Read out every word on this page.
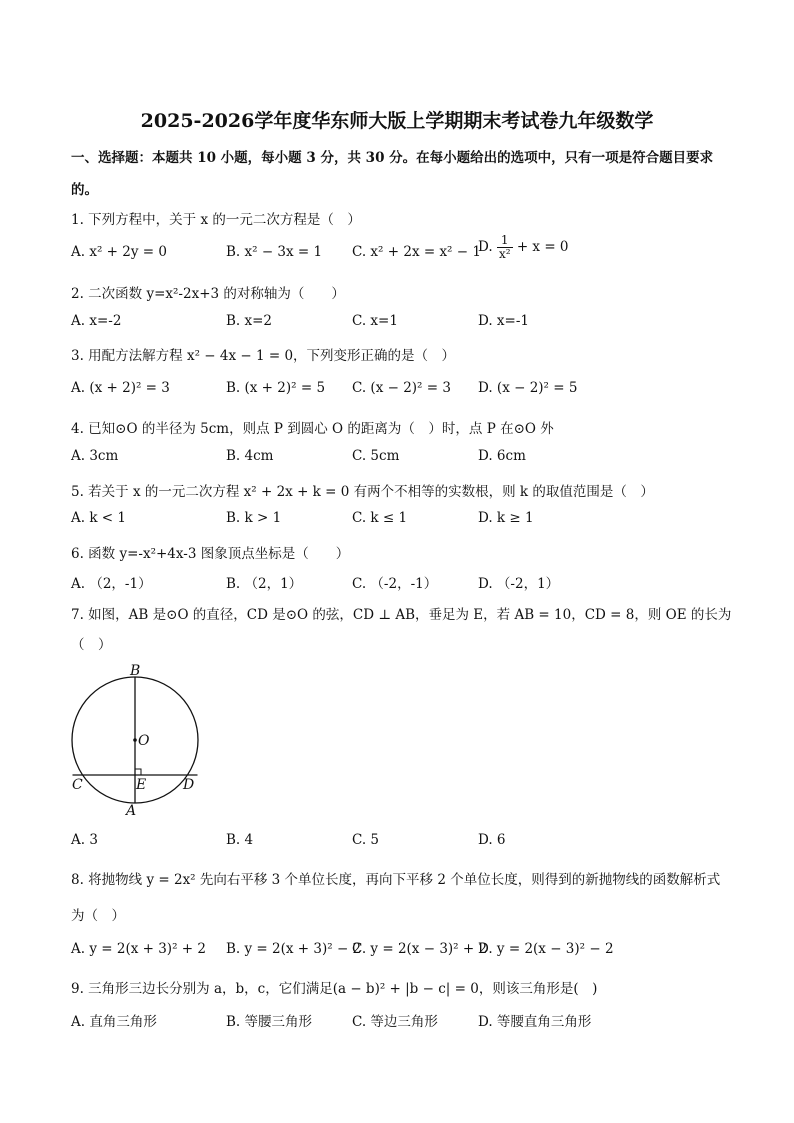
2025-2026学年度华东师大版上学期期末考试卷九年级数学
一、选择题：本题共 10 小题，每小题 3 分，共 30 分。在每小题给出的选项中，只有一项是符合题目要求
的。
1. 下列方程中，关于 x 的一元二次方程是（　）
A. x² + 2y = 0	B. x² − 3x = 1 C. x² + 2x = x² − 1
D. $\frac{1}{\text{x²}} + x = 0$
2. 二次函数 y=x²-2x+3 的对称轴为（　　）
A. x=-2	B. x=2	C. x=1	D. x=-1
3. 用配方法解方程 x² − 4x − 1 = 0，下列变形正确的是（　）
A. (x + 2)² = 3	B. (x + 2)² = 5 C. (x − 2)² = 3 D. (x − 2)² = 5
4. 已知⊙O 的半径为 5cm，则点 P 到圆心 O 的距离为（　）时，点 P 在⊙O 外
A. 3cm	B. 4cm	C. 5cm	D. 6cm
5. 若关于 x 的一元二次方程 x² + 2x + k = 0 有两个不相等的实数根，则 k 的取值范围是（　）
A. k < 1	B. k > 1	C. k ≤ 1	D. k ≥ 1
6. 函数 y=-x²+4x-3 图象顶点坐标是（　　）
A. （2，-1）	B. （2，1）	C. （-2，-1）	D. （-2，1）
7. 如图，AB 是⊙O 的直径，CD 是⊙O 的弦，CD ⊥ AB，垂足为 E，若 AB = 10，CD = 8，则 OE 的长为
（　）
B
O
C	E	D
A
A. 3	B. 4	C. 5	D. 6
8. 将抛物线 y = 2x² 先向右平移 3 个单位长度，再向下平移 2 个单位长度，则得到的新抛物线的函数解析式
为（　）
A. y = 2(x + 3)² + 2 B. y = 2(x + 3)² − 2
C. y = 2(x − 3)² + 2
D. y = 2(x − 3)² − 2
9. 三角形三边长分别为 a，b，c，它们满足(a − b)² + |b − c| = 0，则该三角形是(　)
A. 直角三角形	B. 等腰三角形	C. 等边三角形	D. 等腰直角三角形
